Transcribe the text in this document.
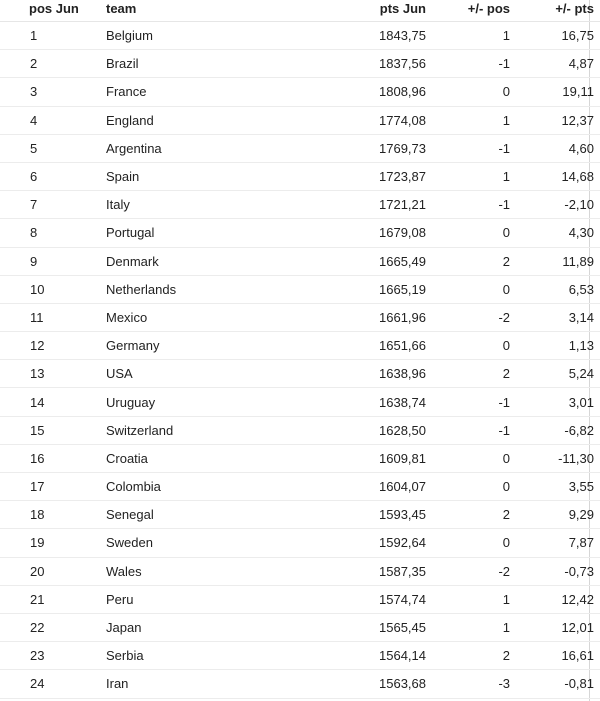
pos Jun	team	pts Jun	+/- pos	+/- pts
1	Belgium	1843,75	1	16,75
2	Brazil	1837,56	-1	4,87
3	France	1808,96	0	19,11
4	England	1774,08	1	12,37
5	Argentina	1769,73	-1	4,60
6	Spain	1723,87	1	14,68
7	Italy	1721,21	-1	-2,10
8	Portugal	1679,08	0	4,30
9	Denmark	1665,49	2	11,89
10	Netherlands	1665,19	0	6,53
11	Mexico	1661,96	-2	3,14
12	Germany	1651,66	0	1,13
13	USA	1638,96	2	5,24
14	Uruguay	1638,74	-1	3,01
15	Switzerland	1628,50	-1	-6,82
16	Croatia	1609,81	0	-11,30
17	Colombia	1604,07	0	3,55
18	Senegal	1593,45	2	9,29
19	Sweden	1592,64	0	7,87
20	Wales	1587,35	-2	-0,73
21	Peru	1574,74	1	12,42
22	Japan	1565,45	1	12,01
23	Serbia	1564,14	2	16,61
24	Iran	1563,68	-3	-0,81
